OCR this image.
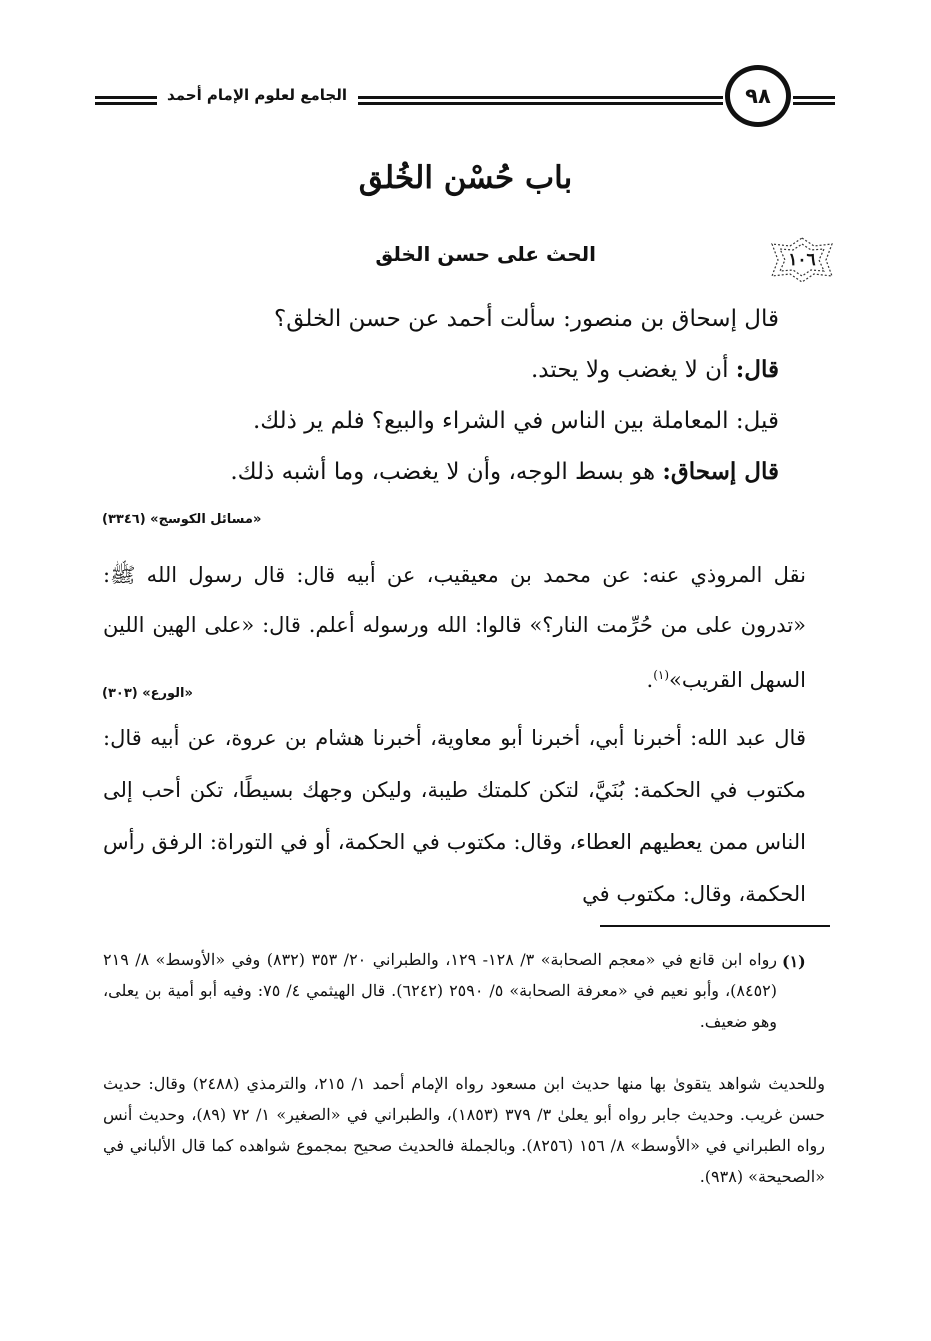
الجامع لعلوم الإمام أحمد	٩٨
باب حُسْن الخُلق
الحث على حسن الخلق	١٠٦
قال إسحاق بن منصور: سألت أحمد عن حسن الخلق؟
قال: أن لا يغضب ولا يحتد.
قيل: المعاملة بين الناس في الشراء والبيع؟ فلم ير ذلك.
قال إسحاق: هو بسط الوجه، وأن لا يغضب، وما أشبه ذلك.
«مسائل الكوسج» (٣٣٤٦)
نقل المروذي عنه: عن محمد بن معيقيب، عن أبيه قال: قال رسول الله ﷺ: «تدرون على من حُرِّمت النار؟» قالوا: الله ورسوله أعلم. قال: «على الهين اللين السهل القريب»$^{(١)}$.
«الورع» (٣٠٣)
قال عبد الله: أخبرنا أبي، أخبرنا أبو معاوية، أخبرنا هشام بن عروة، عن أبيه قال: مكتوب في الحكمة: بُنَيَّ، لتكن كلمتك طيبة، وليكن وجهك بسيطًا، تكن أحب إلى الناس ممن يعطيهم العطاء، وقال: مكتوب في الحكمة، أو في التوراة: الرفق رأس الحكمة، وقال: مكتوب في
(١)
رواه ابن قانع في «معجم الصحابة» ٣/ ١٢٨- ١٢٩، والطبراني ٢٠/ ٣٥٣ (٨٣٢) وفي «الأوسط» ٨/ ٢١٩ (٨٤٥٢)، وأبو نعيم في «معرفة الصحابة» ٥/ ٢٥٩٠ (٦٢٤٢). قال الهيثمي ٤/ ٧٥: وفيه أبو أمية بن يعلى، وهو ضعيف.
وللحديث شواهد يتقوىٰ بها منها حديث ابن مسعود رواه الإمام أحمد ١/ ٢١٥، والترمذي (٢٤٨٨) وقال: حديث حسن غريب. وحديث جابر رواه أبو يعلىٰ ٣/ ٣٧٩ (١٨٥٣)، والطبراني في «الصغير» ١/ ٧٢ (٨٩)، وحديث أنس رواه الطبراني في «الأوسط» ٨/ ١٥٦ (٨٢٥٦). وبالجملة فالحديث صحيح بمجموع شواهده كما قال الألباني في «الصحيحة» (٩٣٨).
